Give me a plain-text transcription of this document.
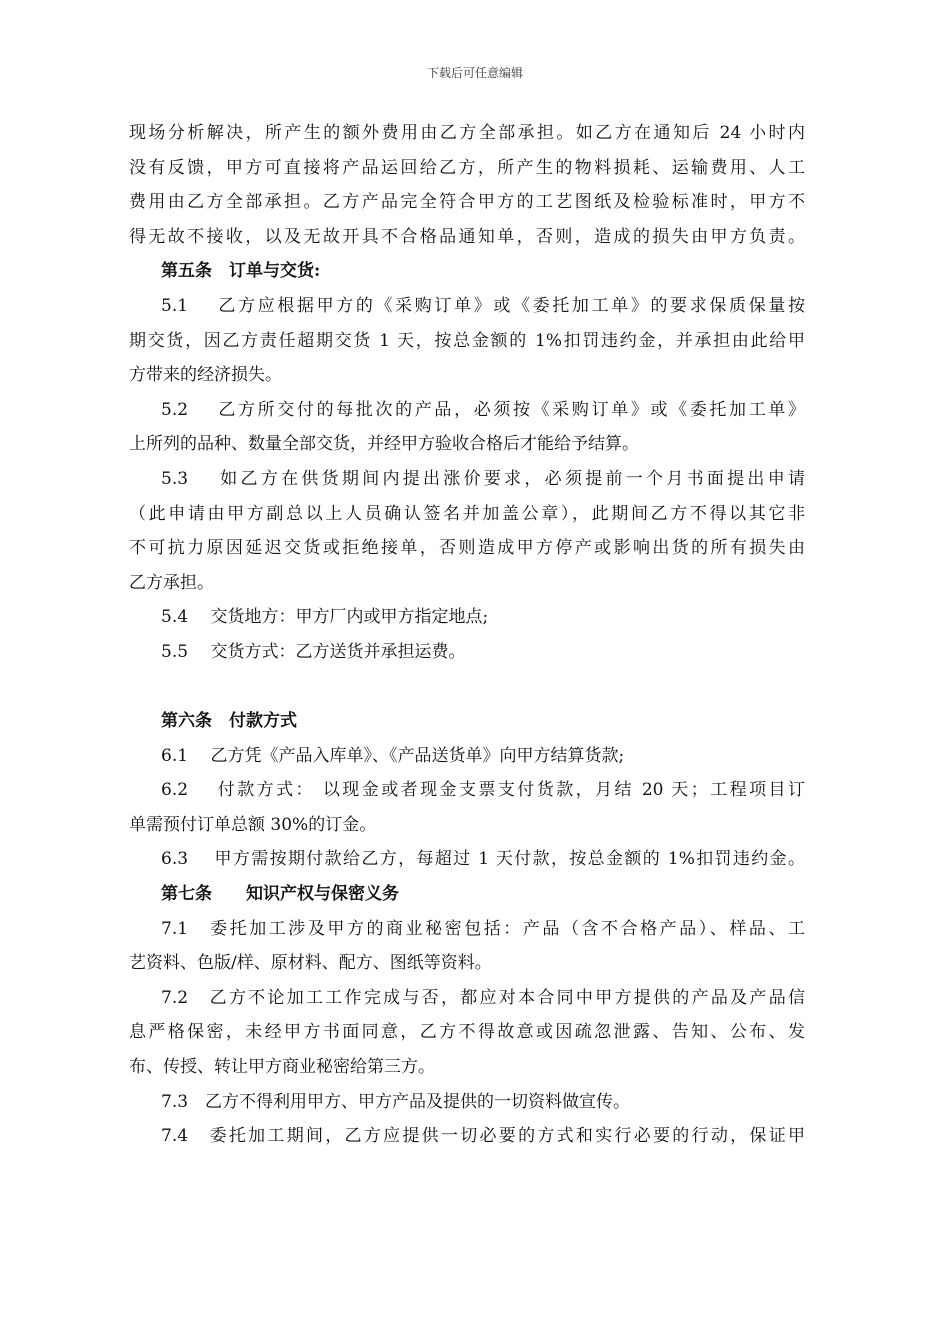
下载后可任意编辑
现场分析解决，所产生的额外费用由乙方全部承担。如乙方在通知后 24 小时内
没有反馈，甲方可直接将产品运回给乙方，所产生的物料损耗、运输费用、人工
费用由乙方全部承担。乙方产品完全符合甲方的工艺图纸及检验标准时，甲方不
得无故不接收，以及无故开具不合格品通知单，否则，造成的损失由甲方负责。
第五条　订单与交货:
5.1　 乙方应根据甲方的《采购订单》或《委托加工单》的要求保质保量按
期交货，因乙方责任超期交货 1 天，按总金额的 1%扣罚违约金，并承担由此给甲
方带来的经济损失。
5.2　 乙方所交付的每批次的产品，必须按《采购订单》或《委托加工单》
上所列的品种、数量全部交货，并经甲方验收合格后才能给予结算。
5.3　 如乙方在供货期间内提出涨价要求，必须提前一个月书面提出申请
（此申请由甲方副总以上人员确认签名并加盖公章），此期间乙方不得以其它非
不可抗力原因延迟交货或拒绝接单，否则造成甲方停产或影响出货的所有损失由
乙方承担。
5.4　 交货地方：甲方厂内或甲方指定地点;
5.5　 交货方式：乙方送货并承担运费。
第六条　付款方式
6.1　 乙方凭《产品入库单》、《产品送货单》向甲方结算货款;
6.2　 付款方式： 以现金或者现金支票支付货款，月结 20 天；工程项目订
单需预付订单总额 30%的订金。
6.3　 甲方需按期付款给乙方，每超过 1 天付款，按总金额的 1%扣罚违约金。
第七条　　知识产权与保密义务
7.1　委托加工涉及甲方的商业秘密包括：产品（含不合格产品）、样品、工
艺资料、色版/样、原材料、配方、图纸等资料。
7.2　乙方不论加工工作完成与否，都应对本合同中甲方提供的产品及产品信
息严格保密，未经甲方书面同意，乙方不得故意或因疏忽泄露、告知、公布、发
布、传授、转让甲方商业秘密给第三方。
7.3　乙方不得利用甲方、甲方产品及提供的一切资料做宣传。
7.4　委托加工期间，乙方应提供一切必要的方式和实行必要的行动，保证甲
